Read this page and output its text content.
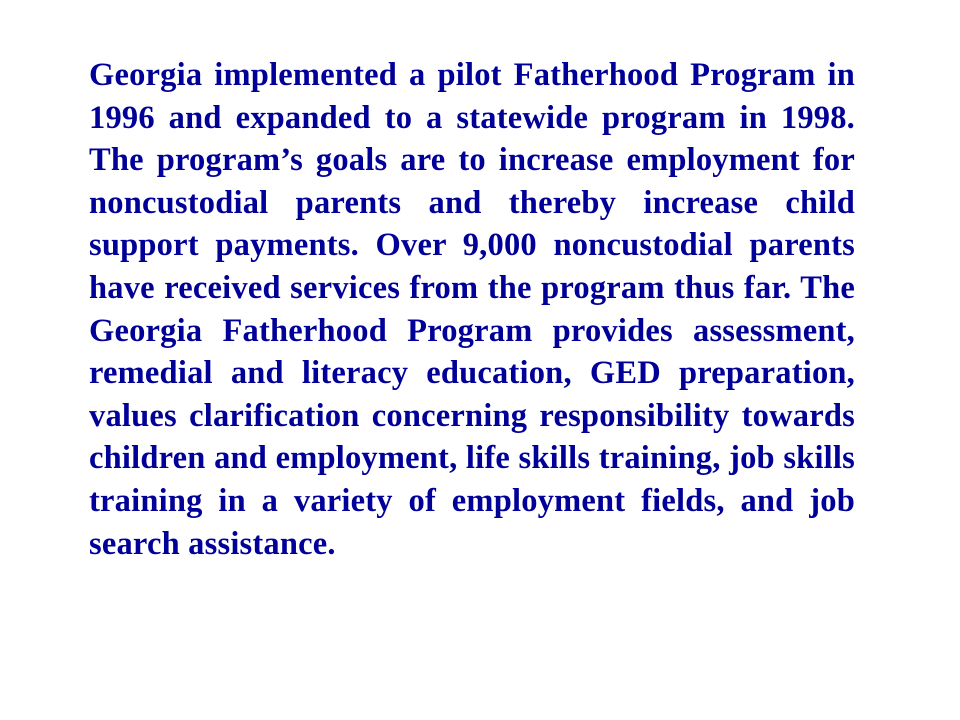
Georgia implemented a pilot Fatherhood Program in 1996 and expanded to a statewide program in 1998. The program’s goals are to increase employment for noncustodial parents and thereby increase child support payments. Over 9,000 noncustodial parents have received services from the program thus far. The Georgia Fatherhood Program provides assessment, remedial and literacy education, GED preparation, values clarification concerning responsibility towards children and employment, life skills training, job skills training in a variety of employment fields, and job search assistance.
